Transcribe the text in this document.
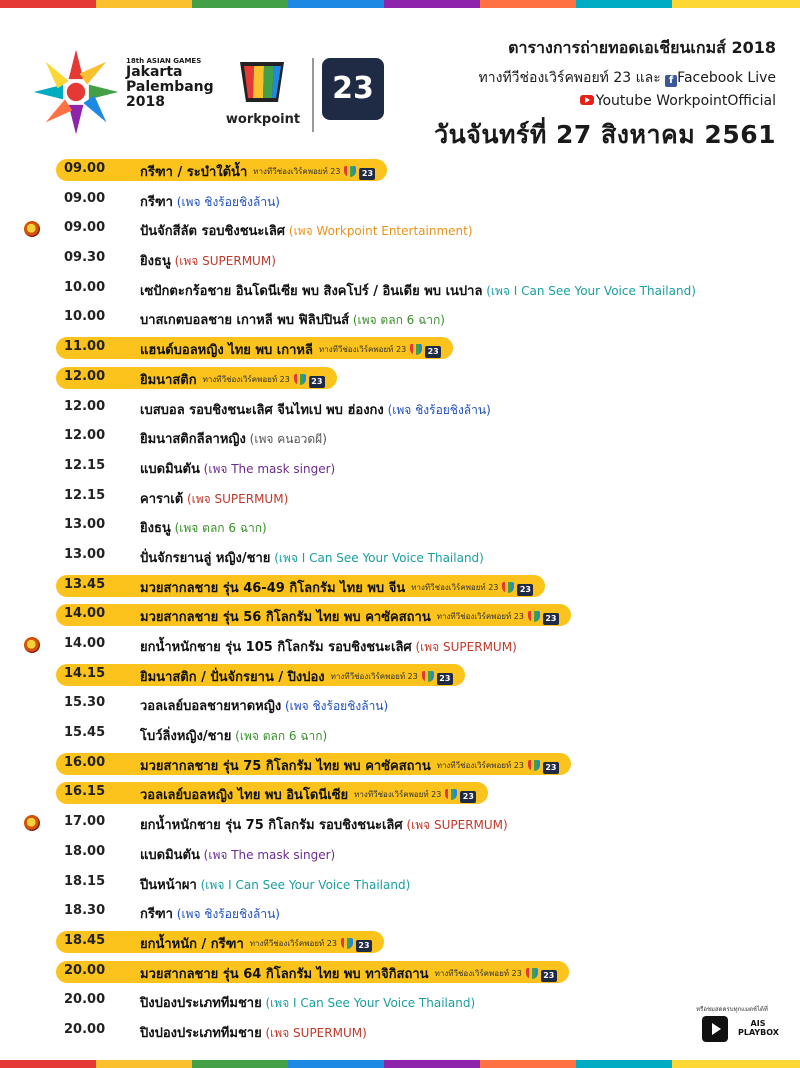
18th ASIAN GAMES
Jakarta
Palembang
2018
workpoint
23
ตารางการถ่ายทอดเอเชียนเกมส์ 2018
ทางทีวีช่องเวิร์คพอยท์ 23 และ f Facebook Live
Youtube WorkpointOfficial
วันจันทร์ที่ 27 สิงหาคม 2561
09.00	กรีฑา / ระบำใต้น้ำ ทางทีวีช่องเวิร์คพอยท์ 23	23
09.00	กรีฑา (เพจ ชิงร้อยชิงล้าน)
09.00	ปันจักสีลัต รอบชิงชนะเลิศ (เพจ Workpoint Entertainment)
09.30	ยิงธนู (เพจ SUPERMUM)
10.00	เซปักตะกร้อชาย อินโดนีเซีย พบ สิงคโปร์ / อินเดีย พบ เนปาล (เพจ I Can See Your Voice Thailand)
10.00	บาสเกตบอลชาย เกาหลี พบ ฟิลิปปินส์ (เพจ ตลก 6 ฉาก)
11.00	แฮนด์บอลหญิง ไทย พบ เกาหลี ทางทีวีช่องเวิร์คพอยท์ 23	23
12.00	ยิมนาสติก ทางทีวีช่องเวิร์คพอยท์ 23	23
12.00	เบสบอล รอบชิงชนะเลิศ จีนไทเป พบ ฮ่องกง (เพจ ชิงร้อยชิงล้าน)
12.00	ยิมนาสติกลีลาหญิง (เพจ คนอวดผี)
12.15	แบดมินตัน (เพจ The mask singer)
12.15	คาราเต้ (เพจ SUPERMUM)
13.00	ยิงธนู (เพจ ตลก 6 ฉาก)
13.00	ปั่นจักรยานลู่ หญิง/ชาย (เพจ I Can See Your Voice Thailand)
13.45	มวยสากลชาย รุ่น 46-49 กิโลกรัม ไทย พบ จีน ทางทีวีช่องเวิร์คพอยท์ 23	23
14.00	มวยสากลชาย รุ่น 56 กิโลกรัม ไทย พบ คาซัคสถาน ทางทีวีช่องเวิร์คพอยท์ 23	23
14.00	ยกน้ำหนักชาย รุ่น 105 กิโลกรัม รอบชิงชนะเลิศ (เพจ SUPERMUM)
14.15	ยิมนาสติก / ปั่นจักรยาน / ปิงปอง ทางทีวีช่องเวิร์คพอยท์ 23	23
15.30	วอลเลย์บอลชายหาดหญิง (เพจ ชิงร้อยชิงล้าน)
15.45	โบว์ลิ่งหญิง/ชาย (เพจ ตลก 6 ฉาก)
16.00	มวยสากลชาย รุ่น 75 กิโลกรัม ไทย พบ คาซัคสถาน ทางทีวีช่องเวิร์คพอยท์ 23	23
16.15	วอลเลย์บอลหญิง ไทย พบ อินโดนีเซีย ทางทีวีช่องเวิร์คพอยท์ 23	23
17.00	ยกน้ำหนักชาย รุ่น 75 กิโลกรัม รอบชิงชนะเลิศ (เพจ SUPERMUM)
18.00	แบดมินตัน (เพจ The mask singer)
18.15	ปีนหน้าผา (เพจ I Can See Your Voice Thailand)
18.30	กรีฑา (เพจ ชิงร้อยชิงล้าน)
18.45	ยกน้ำหนัก / กรีฑา ทางทีวีช่องเวิร์คพอยท์ 23	23
20.00	มวยสากลชาย รุ่น 64 กิโลกรัม ไทย พบ ทาจิกิสถาน ทางทีวีช่องเวิร์คพอยท์ 23	23
20.00	ปิงปองประเภททีมชาย (เพจ I Can See Your Voice Thailand)
20.00	ปิงปองประเภททีมชาย (เพจ SUPERMUM)
หรือชมสดครบทุกแมตช์ได้ที่
AIS PLAYBOX
